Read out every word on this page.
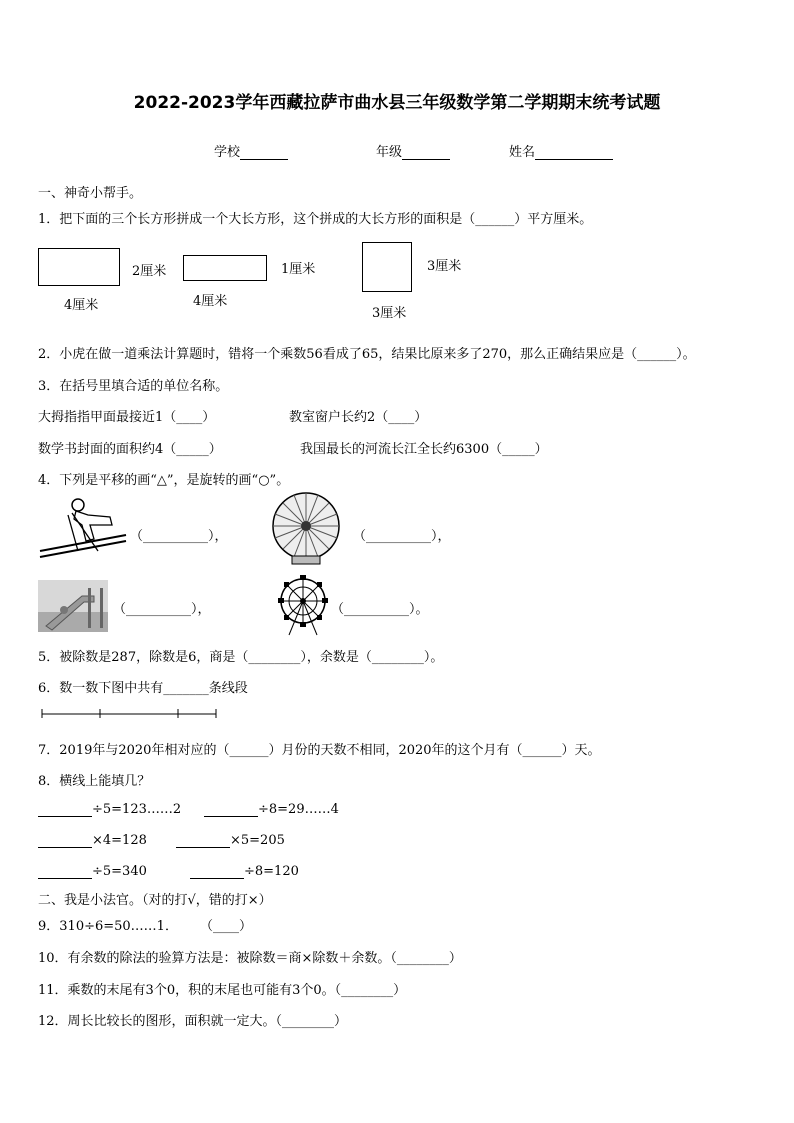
2022-2023学年西藏拉萨市曲水县三年级数学第二学期期末统考试题
学校	年级	姓名
一、神奇小帮手。
1．把下面的三个长方形拼成一个大长方形，这个拼成的大长方形的面积是（______）平方厘米。
2厘米
4厘米
1厘米
4厘米
3厘米
3厘米
2．小虎在做一道乘法计算题时，错将一个乘数56看成了65，结果比原来多了270，那么正确结果应是（______）。
3．在括号里填合适的单位名称。
大拇指指甲面最接近1（____）	教室窗户长约2（____）
数学书封面的面积约4（_____）	我国最长的河流长江全长约6300（_____）
4．下列是平移的画“△”，是旋转的画“○”。
（__________），	（__________），
（__________），	（__________）。
5．被除数是287，除数是6，商是（________），余数是（________）。
6．数一数下图中共有_______条线段
7．2019年与2020年相对应的（______）月份的天数不相同，2020年的这个月有（______）天。
8．横线上能填几？
÷5=123……2	÷8=29……4
×4=128	×5=205
÷5=340	÷8=120
二、我是小法官。（对的打√，错的打×）
9．310÷6=50……1． （____）
10．有余数的除法的验算方法是：被除数＝商×除数＋余数。（________）
11．乘数的末尾有3个0，积的末尾也可能有3个0。（________）
12．周长比较长的图形，面积就一定大。（________）
